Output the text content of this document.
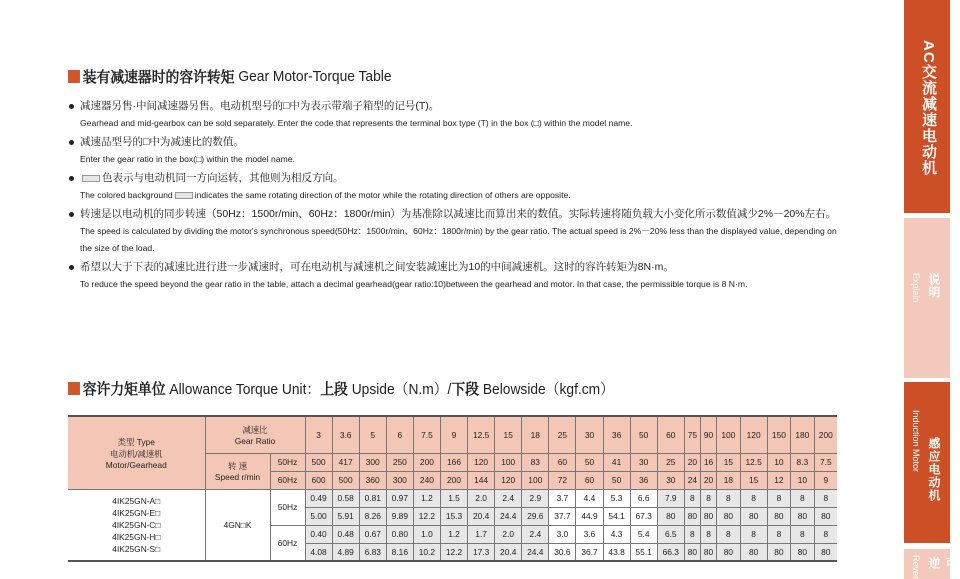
装有减速器时的容许转矩
Gear Motor-Torque Table
减速器另售·中间减速器另售。电动机型号的□中为表示带端子箱型的记号(T)。
Gearhead and mid-gearbox can be sold separately. Enter the code that represents the terminal box type (T) in the box (□) within the model name.
减速品型号的□中为减速比的数值。
Enter the gear ratio in the box(□) within the model name.
色表示与电动机同一方向运转，其他则为相反方向。
The colored background	indicates the same rotating direction of the motor while the rotating direction of others are opposite.
转速是以电动机的同步转速（50Hz：1500r/min、60Hz：1800r/min）为基准除以减速比而算出来的数值。实际转速将随负载大小变化所示数值减少2%－20%左右。
The speed is calculated by dividing the motor's synchronous speed(50Hz：1500r/min、60Hz：1800r/min) by the gear ratio. The actual speed is 2%－20% less than the displayed value, depending on the size of the load.
希望以大于下表的减速比进行进一步减速时，可在电动机与减速机之间安装减速比为10的中间减速机。这时的容许转矩为8N·m。
To reduce the speed beyond the gear ratio in the table, attach a decimal gearhead(gear ratio:10)between the gearhead and motor. In that case, the permissible torque is 8 N·m.
容许力矩单位
Allowance Torque Unit： 上段
Upside（N.m）/ 下段
Belowside（kgf.cm）
类型 Type
电动机/减速机
Motor/Gearhead	减速比
Gear Ratio		3	3.6	5	6	7.5	9	12.5	15	18	25	30	36	50	60	75	90	100	120	150	180	200
	转 速
Speed r/min	50Hz	500	417	300	250	200	166	120	100	83	60	50	41	30	25	20	16	15	12.5	10	8.3	7.5
		60Hz	600	500	360	300	240	200	144	120	100	72	60	50	36	30	24	20	18	15	12	10	9
4IK25GN-A□
4IK25GN-E□
4IK25GN-C□
4IK25GN-H□
4IK25GN-S□	4GN□K	50Hz	0.49	0.58	0.81	0.97	1.2	1.5	2.0	2.4	2.9	3.7	4.4	5.3	6.6	7.9	8	8	8	8	8	8	8
			5.00	5.91	8.26	9.89	12.2	15.3	20.4	24.4	29.6	37.7	44.9	54.1	67.3	80	80	80	80	80	80	80	80
		60Hz	0.40	0.48	0.67	0.80	1.0	1.2	1.7	2.0	2.4	3.0	3.6	4.3	5.4	6.5	8	8	8	8	8	8	8
			4.08	4.89	6.83	8.16	10.2	12.2	17.3	20.4	24.4	30.6	36.7	43.8	55.1	66.3	80	80	80	80	80	80	80
AC交流减速电动机
说明
Explain
感应电动机
Induction Motor
可逆
Rever
